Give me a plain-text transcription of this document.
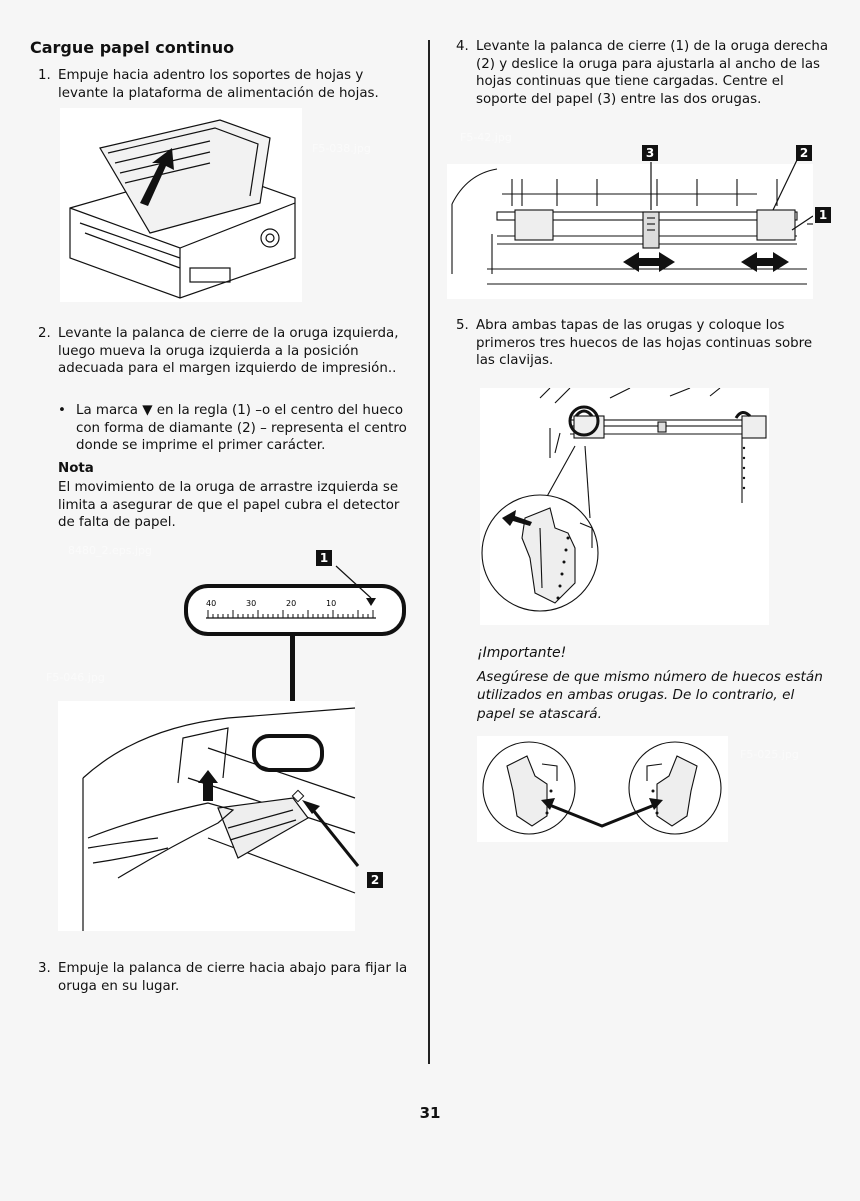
Cargue papel continuo
1. Empuje hacia adentro los soportes de hojas y levante la plataforma de alimentación de hojas.
F5-038.jpg
2. Levante la palanca de cierre de la oruga izquierda, luego mueva la oruga izquierda a la posición adecuada para el margen izquierdo de impresión..
• La marca ▼ en la regla (1) –o el centro del hueco con forma de diamante (2) – representa el centro donde se imprime el primer carácter.
Nota
El movimiento de la oruga de arrastre izquierda se limita a asegurar de que el papel cubra el detector de falta de papel.
8480_2.eps.jpg
F5-046.jpg
40	30	20	10
1
2
3. Empuje la palanca de cierre hacia abajo para fijar la oruga en su lugar.
4. Levante la palanca de cierre (1) de la oruga derecha (2) y deslice la oruga para ajustarla al ancho de las hojas continuas que tiene cargadas. Centre el soporte del papel (3) entre las dos orugas.
F5-42.jpg
3	2
1
5. Abra ambas tapas de las orugas y coloque los primeros tres huecos de las hojas continuas sobre las clavijas.
¡Importante!
Asegúrese de que mismo número de huecos están utilizados en ambas orugas. De lo contrario, el papel se atascará.
F5-025.jpg
31
